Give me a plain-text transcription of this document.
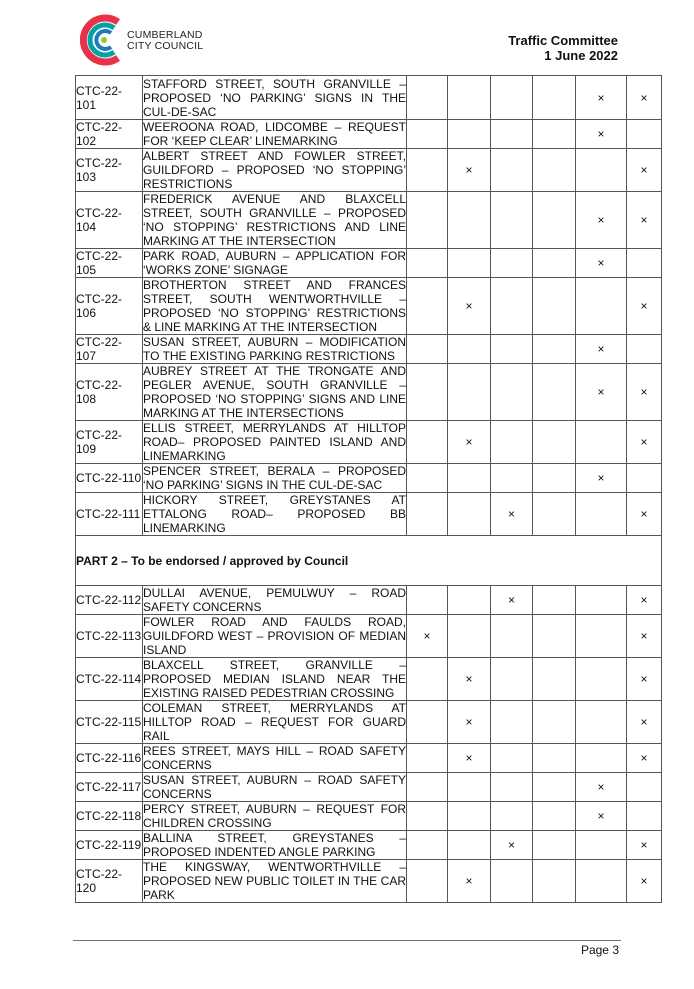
CUMBERLAND
CITY COUNCIL	Traffic Committee
1 June 2022
CTC-22-101	STAFFORD STREET, SOUTH GRANVILLE – PROPOSED ‘NO PARKING’ SIGNS IN THE CUL-DE-SAC					×	×
CTC-22-102	WEEROONA ROAD, LIDCOMBE – REQUEST FOR ‘KEEP CLEAR’ LINEMARKING					×	
CTC-22-103	ALBERT STREET AND FOWLER STREET, GUILDFORD – PROPOSED ‘NO STOPPING’ RESTRICTIONS		×				×
CTC-22-104	FREDERICK AVENUE AND BLAXCELL STREET, SOUTH GRANVILLE – PROPOSED ‘NO STOPPING’ RESTRICTIONS AND LINE MARKING AT THE INTERSECTION					×	×
CTC-22-105	PARK ROAD, AUBURN – APPLICATION FOR ‘WORKS ZONE’ SIGNAGE					×	
CTC-22-106	BROTHERTON STREET AND FRANCES STREET, SOUTH WENTWORTHVILLE – PROPOSED ‘NO STOPPING’ RESTRICTIONS & LINE MARKING AT THE INTERSECTION		×				×
CTC-22-107	SUSAN STREET, AUBURN – MODIFICATION TO THE EXISTING PARKING RESTRICTIONS					×	
CTC-22-108	AUBREY STREET AT THE TRONGATE AND PEGLER AVENUE, SOUTH GRANVILLE – PROPOSED ‘NO STOPPING’ SIGNS AND LINE MARKING AT THE INTERSECTIONS					×	×
CTC-22-109	ELLIS STREET, MERRYLANDS AT HILLTOP ROAD– PROPOSED PAINTED ISLAND AND LINEMARKING		×				×
CTC-22-110	SPENCER STREET, BERALA – PROPOSED ‘NO PARKING’ SIGNS IN THE CUL-DE-SAC					×	
CTC-22-111	HICKORY STREET, GREYSTANES AT ETTALONG ROAD– PROPOSED BB LINEMARKING			×			×
PART 2 – To be endorsed / approved by Council							
CTC-22-112	DULLAI AVENUE, PEMULWUY – ROAD SAFETY CONCERNS			×			×
CTC-22-113	FOWLER ROAD AND FAULDS ROAD, GUILDFORD WEST – PROVISION OF MEDIAN ISLAND	×					×
CTC-22-114	BLAXCELL STREET, GRANVILLE – PROPOSED MEDIAN ISLAND NEAR THE EXISTING RAISED PEDESTRIAN CROSSING		×				×
CTC-22-115	COLEMAN STREET, MERRYLANDS AT HILLTOP ROAD – REQUEST FOR GUARD RAIL		×				×
CTC-22-116	REES STREET, MAYS HILL – ROAD SAFETY CONCERNS		×				×
CTC-22-117	SUSAN STREET, AUBURN – ROAD SAFETY CONCERNS					×	
CTC-22-118	PERCY STREET, AUBURN – REQUEST FOR CHILDREN CROSSING					×	
CTC-22-119	BALLINA STREET, GREYSTANES – PROPOSED INDENTED ANGLE PARKING			×			×
CTC-22-120	THE KINGSWAY, WENTWORTHVILLE – PROPOSED NEW PUBLIC TOILET IN THE CAR PARK		×				×
Page 3
